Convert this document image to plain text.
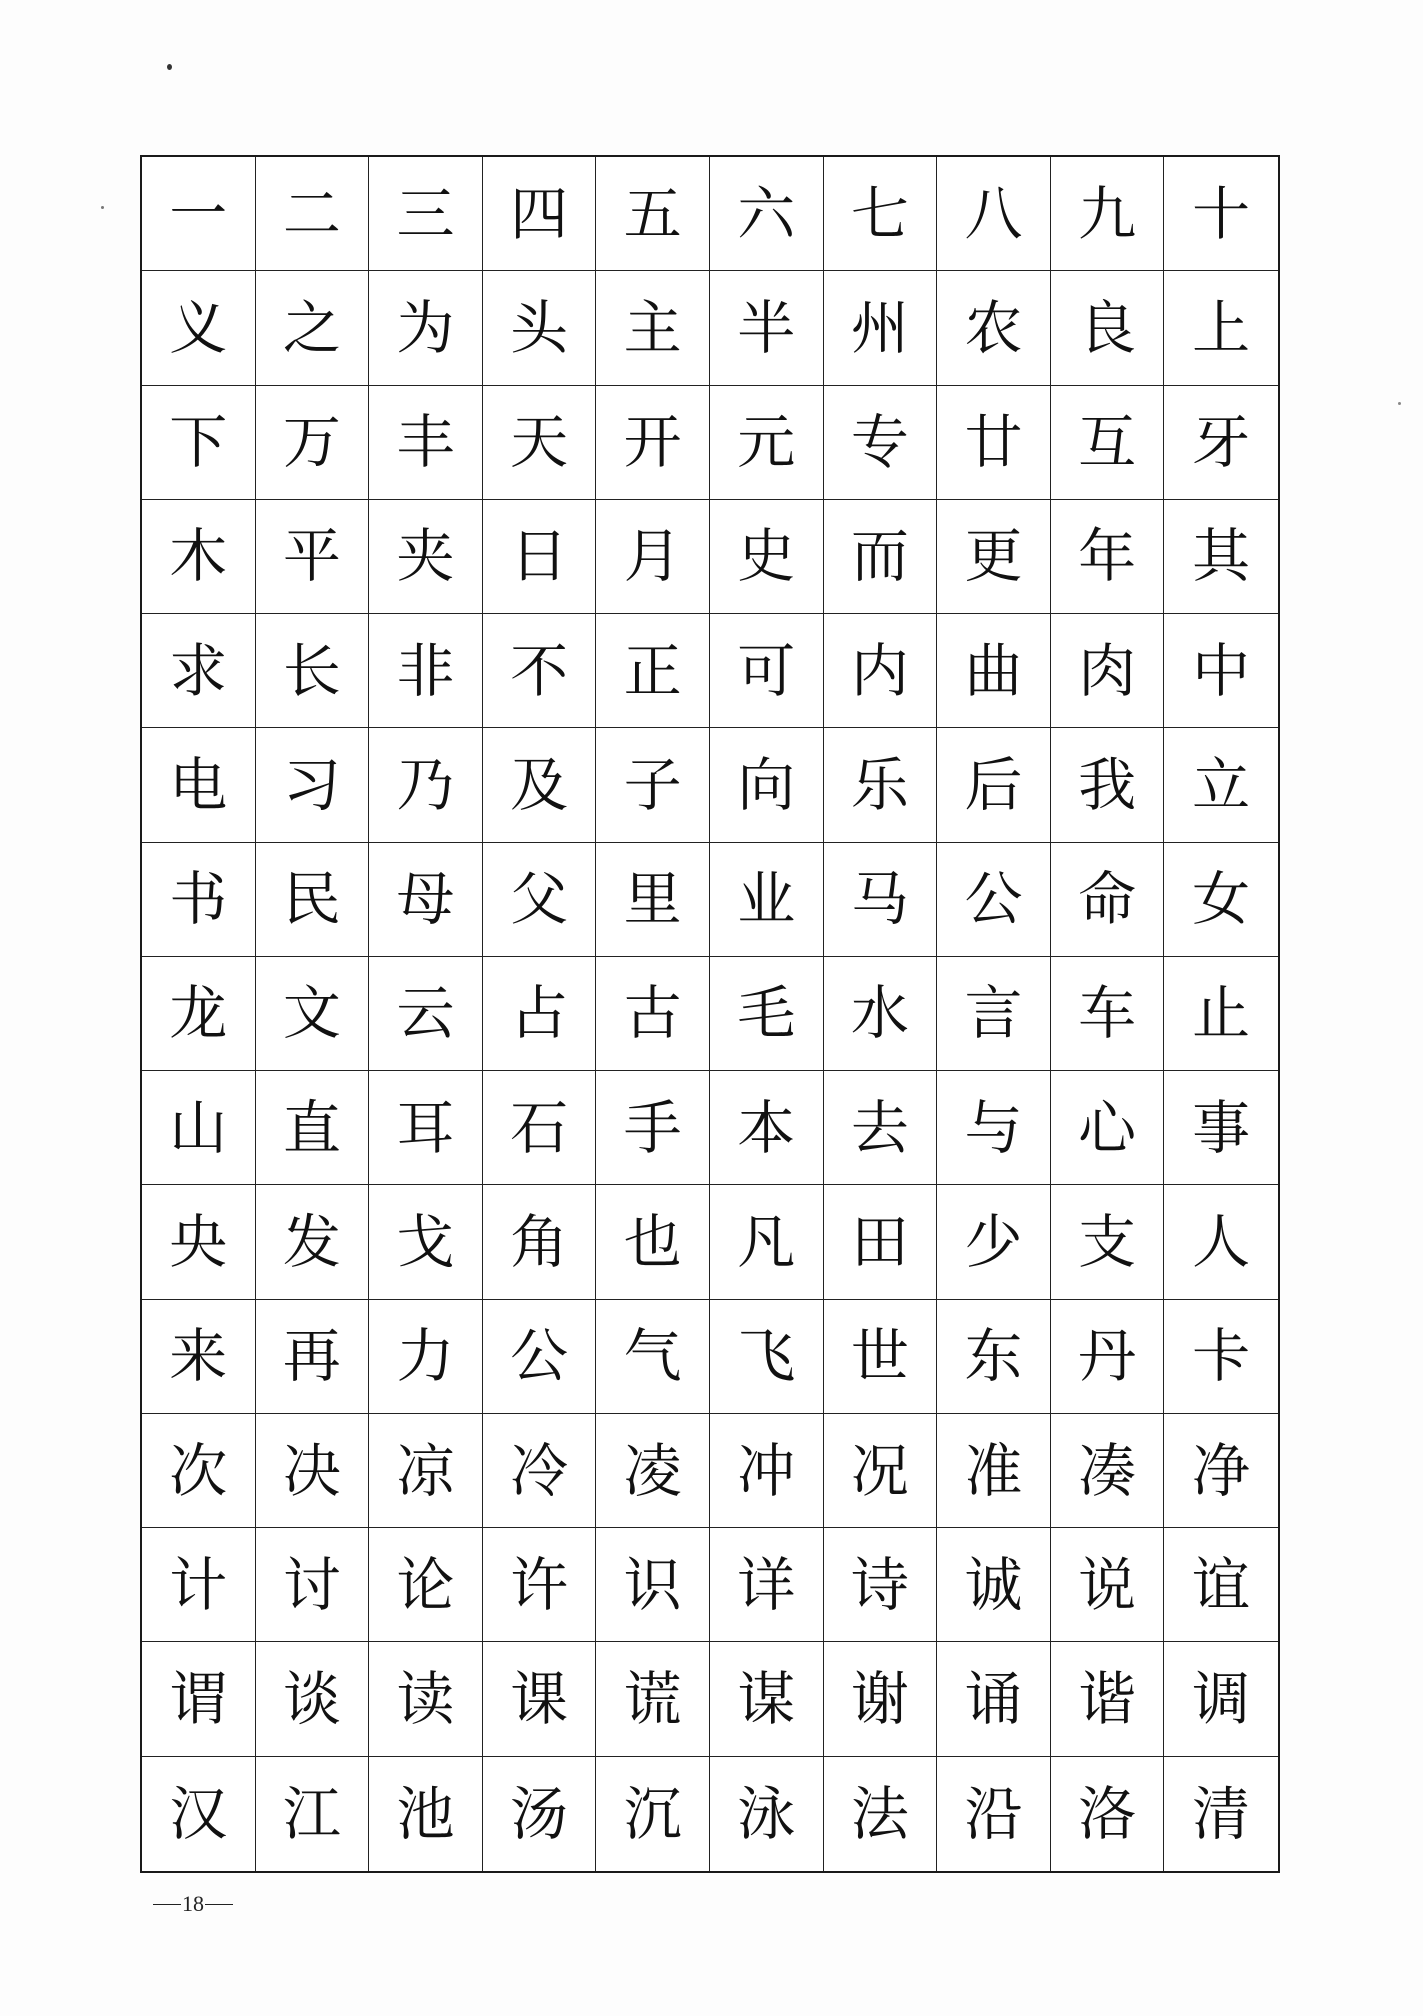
一 二 三 四 五 六 七 八 九 十
义 之 为 头 主 半 州 农 良 上
下 万 丰 天 开 元 专 廿 互 牙
木 平 夹 日 月 史 而 更 年 其
求 长 非 不 正 可 内 曲 肉 中
电 习 乃 及 子 向 乐 后 我 立
书 民 母 父 里 业 马 公 命 女
龙 文 云 占 古 毛 水 言 车 止
山 直 耳 石 手 本 去 与 心 事
央 发 戈 角 也 凡 田 少 支 人
来 再 力 公 气 飞 世 东 丹 卡
次 决 凉 冷 凌 冲 况 准 凑 净
计 讨 论 许 识 详 诗 诚 说 谊
谓 谈 读 课 谎 谋 谢 诵 谐 调
汉 江 池 汤 沉 泳 法 沿 洛 清
18
